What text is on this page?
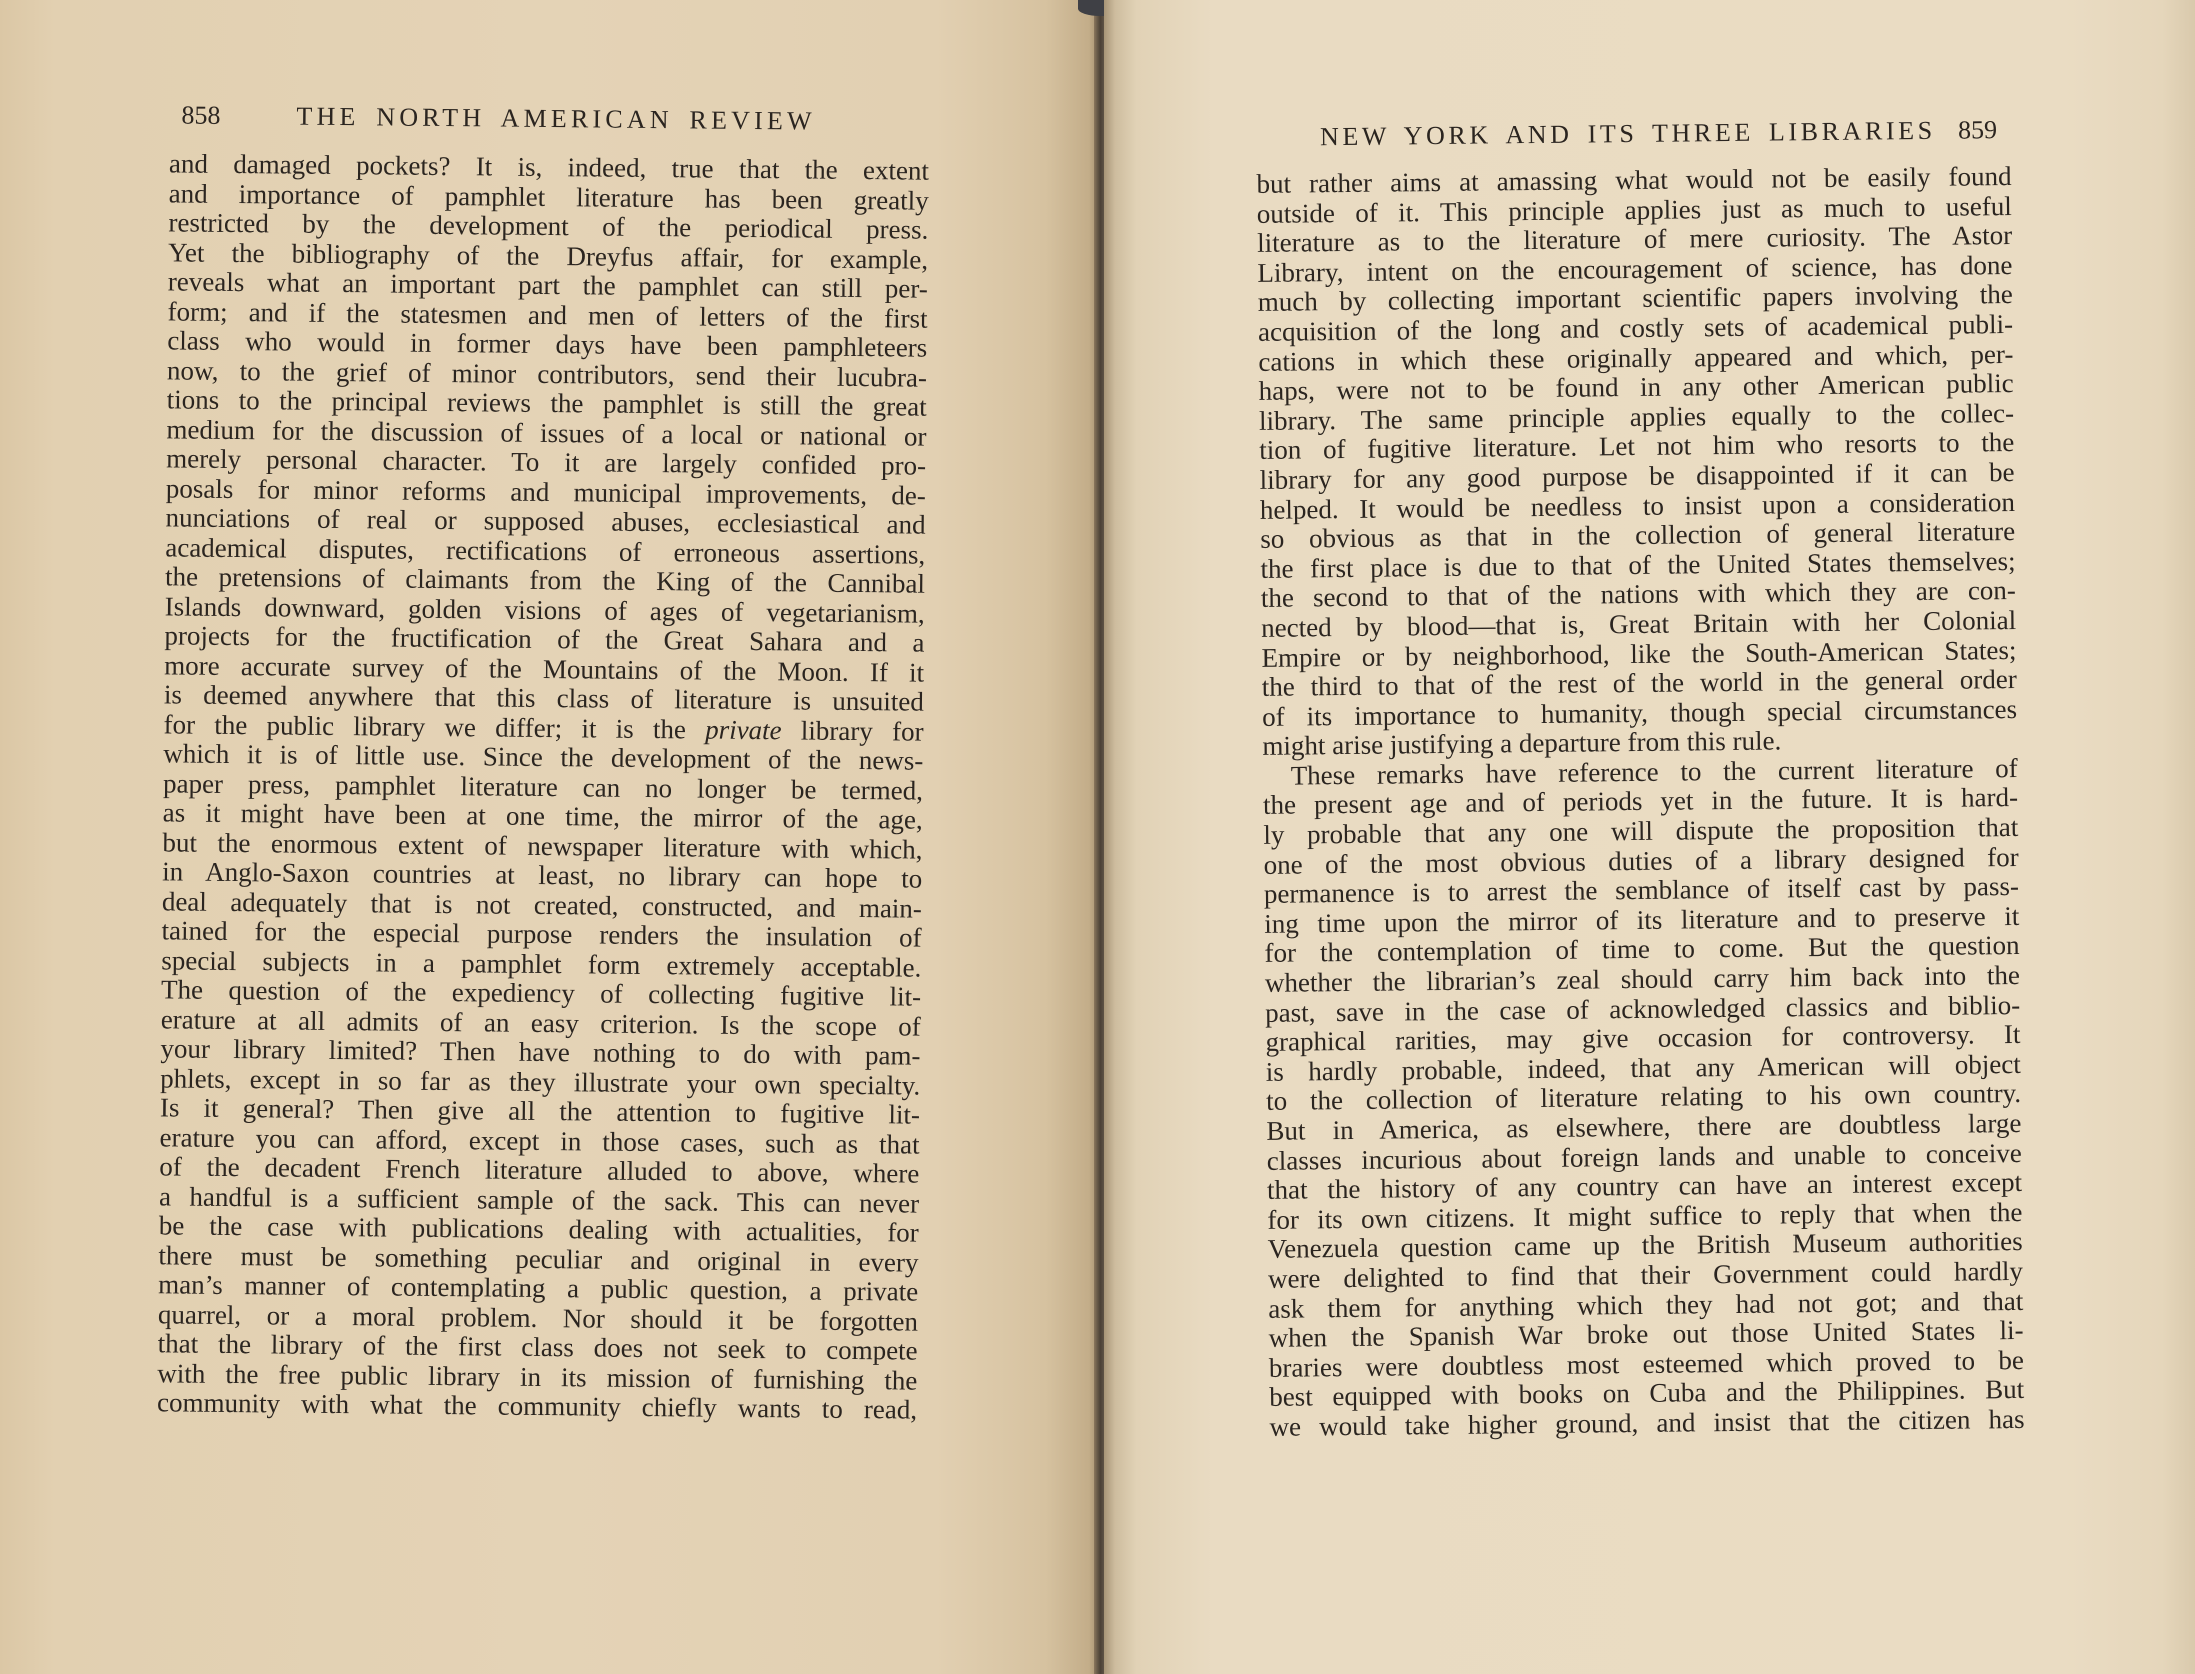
858	THE NORTH AMERICAN REVIEW
and damaged pockets? It is, indeed, true that the extent
and importance of pamphlet literature has been greatly
restricted by the development of the periodical press.
Yet the bibliography of the Dreyfus affair, for example,
reveals what an important part the pamphlet can still per-
form; and if the statesmen and men of letters of the first
class who would in former days have been pamphleteers
now, to the grief of minor contributors, send their lucubra-
tions to the principal reviews the pamphlet is still the great
medium for the discussion of issues of a local or national or
merely personal character. To it are largely confided pro-
posals for minor reforms and municipal improvements, de-
nunciations of real or supposed abuses, ecclesiastical and
academical disputes, rectifications of erroneous assertions,
the pretensions of claimants from the King of the Cannibal
Islands downward, golden visions of ages of vegetarianism,
projects for the fructification of the Great Sahara and a
more accurate survey of the Mountains of the Moon. If it
is deemed anywhere that this class of literature is unsuited
for the public library we differ; it is the private library for
which it is of little use. Since the development of the news-
paper press, pamphlet literature can no longer be termed,
as it might have been at one time, the mirror of the age,
but the enormous extent of newspaper literature with which,
in Anglo-Saxon countries at least, no library can hope to
deal adequately that is not created, constructed, and main-
tained for the especial purpose renders the insulation of
special subjects in a pamphlet form extremely acceptable.
The question of the expediency of collecting fugitive lit-
erature at all admits of an easy criterion. Is the scope of
your library limited? Then have nothing to do with pam-
phlets, except in so far as they illustrate your own specialty.
Is it general? Then give all the attention to fugitive lit-
erature you can afford, except in those cases, such as that
of the decadent French literature alluded to above, where
a handful is a sufficient sample of the sack. This can never
be the case with publications dealing with actualities, for
there must be something peculiar and original in every
man’s manner of contemplating a public question, a private
quarrel, or a moral problem. Nor should it be forgotten
that the library of the first class does not seek to compete
with the free public library in its mission of furnishing the
community with what the community chiefly wants to read,
NEW YORK AND ITS THREE LIBRARIES 859
but rather aims at amassing what would not be easily found
outside of it. This principle applies just as much to useful
literature as to the literature of mere curiosity. The Astor
Library, intent on the encouragement of science, has done
much by collecting important scientific papers involving the
acquisition of the long and costly sets of academical publi-
cations in which these originally appeared and which, per-
haps, were not to be found in any other American public
library. The same principle applies equally to the collec-
tion of fugitive literature. Let not him who resorts to the
library for any good purpose be disappointed if it can be
helped. It would be needless to insist upon a consideration
so obvious as that in the collection of general literature
the first place is due to that of the United States themselves;
the second to that of the nations with which they are con-
nected by blood—that is, Great Britain with her Colonial
Empire or by neighborhood, like the South-American States;
the third to that of the rest of the world in the general order
of its importance to humanity, though special circumstances
might arise justifying a departure from this rule.
These remarks have reference to the current literature of
the present age and of periods yet in the future. It is hard-
ly probable that any one will dispute the proposition that
one of the most obvious duties of a library designed for
permanence is to arrest the semblance of itself cast by pass-
ing time upon the mirror of its literature and to preserve it
for the contemplation of time to come. But the question
whether the librarian’s zeal should carry him back into the
past, save in the case of acknowledged classics and biblio-
graphical rarities, may give occasion for controversy. It
is hardly probable, indeed, that any American will object
to the collection of literature relating to his own country.
But in America, as elsewhere, there are doubtless large
classes incurious about foreign lands and unable to conceive
that the history of any country can have an interest except
for its own citizens. It might suffice to reply that when the
Venezuela question came up the British Museum authorities
were delighted to find that their Government could hardly
ask them for anything which they had not got; and that
when the Spanish War broke out those United States li-
braries were doubtless most esteemed which proved to be
best equipped with books on Cuba and the Philippines. But
we would take higher ground, and insist that the citizen has
